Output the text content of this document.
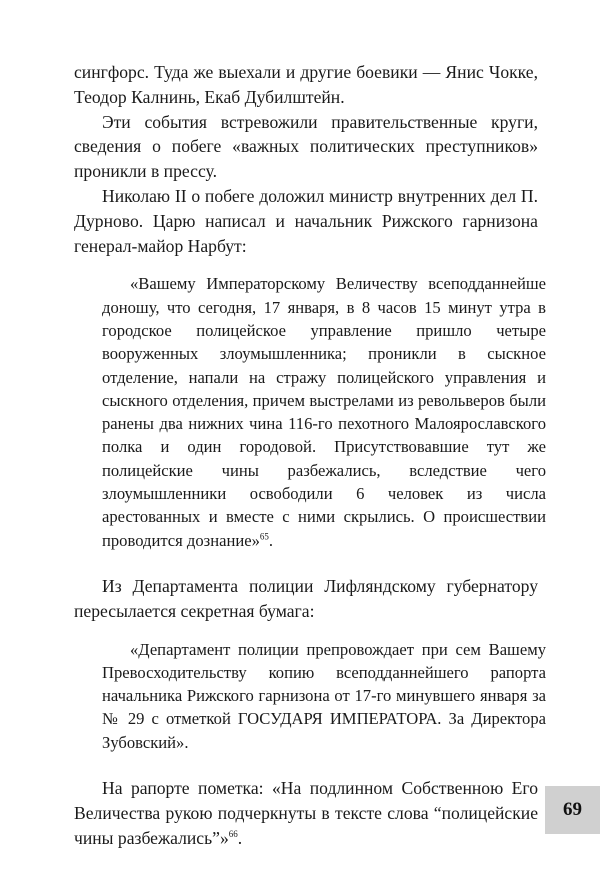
сингфорс. Туда же выехали и другие боевики — Янис Чокке, Теодор Калнинь, Екаб Дубилштейн.

Эти события встревожили правительственные круги, сведения о побеге «важных политических преступников» проникли в прессу.

Николаю II о побеге доложил министр внутренних дел П. Дурново. Царю написал и начальник Рижского гарнизона генерал-майор Нарбут:

«Вашему Императорскому Величеству всеподданнейше доношу, что сегодня, 17 января, в 8 часов 15 минут утра в городское полицейское управление пришло четыре вооруженных злоумышленника; проникли в сыскное отделение, напали на стражу полицейского управления и сыскного отделения, причем выстрелами из револьверов были ранены два нижних чина 116-го пехотного Малоярославского полка и один городовой. Присутствовавшие тут же полицейские чины разбежались, вследствие чего злоумышленники освободили 6 человек из числа арестованных и вместе с ними скрылись. О происшествии проводится дознание»$^{65}$.

Из Департамента полиции Лифляндскому губернатору пересылается секретная бумага:

«Департамент полиции препровождает при сем Вашему Превосходительству копию всеподданнейшего рапорта начальника Рижского гарнизона от 17-го минувшего января за № 29 с отметкой ГОСУДАРЯ ИМПЕРАТОРА. За Директора Зубовский».

На рапорте пометка: «На подлинном Собственною Его Величества рукою подчеркнуты в тексте слова “полицейские чины разбежались”»$^{66}$.

69
